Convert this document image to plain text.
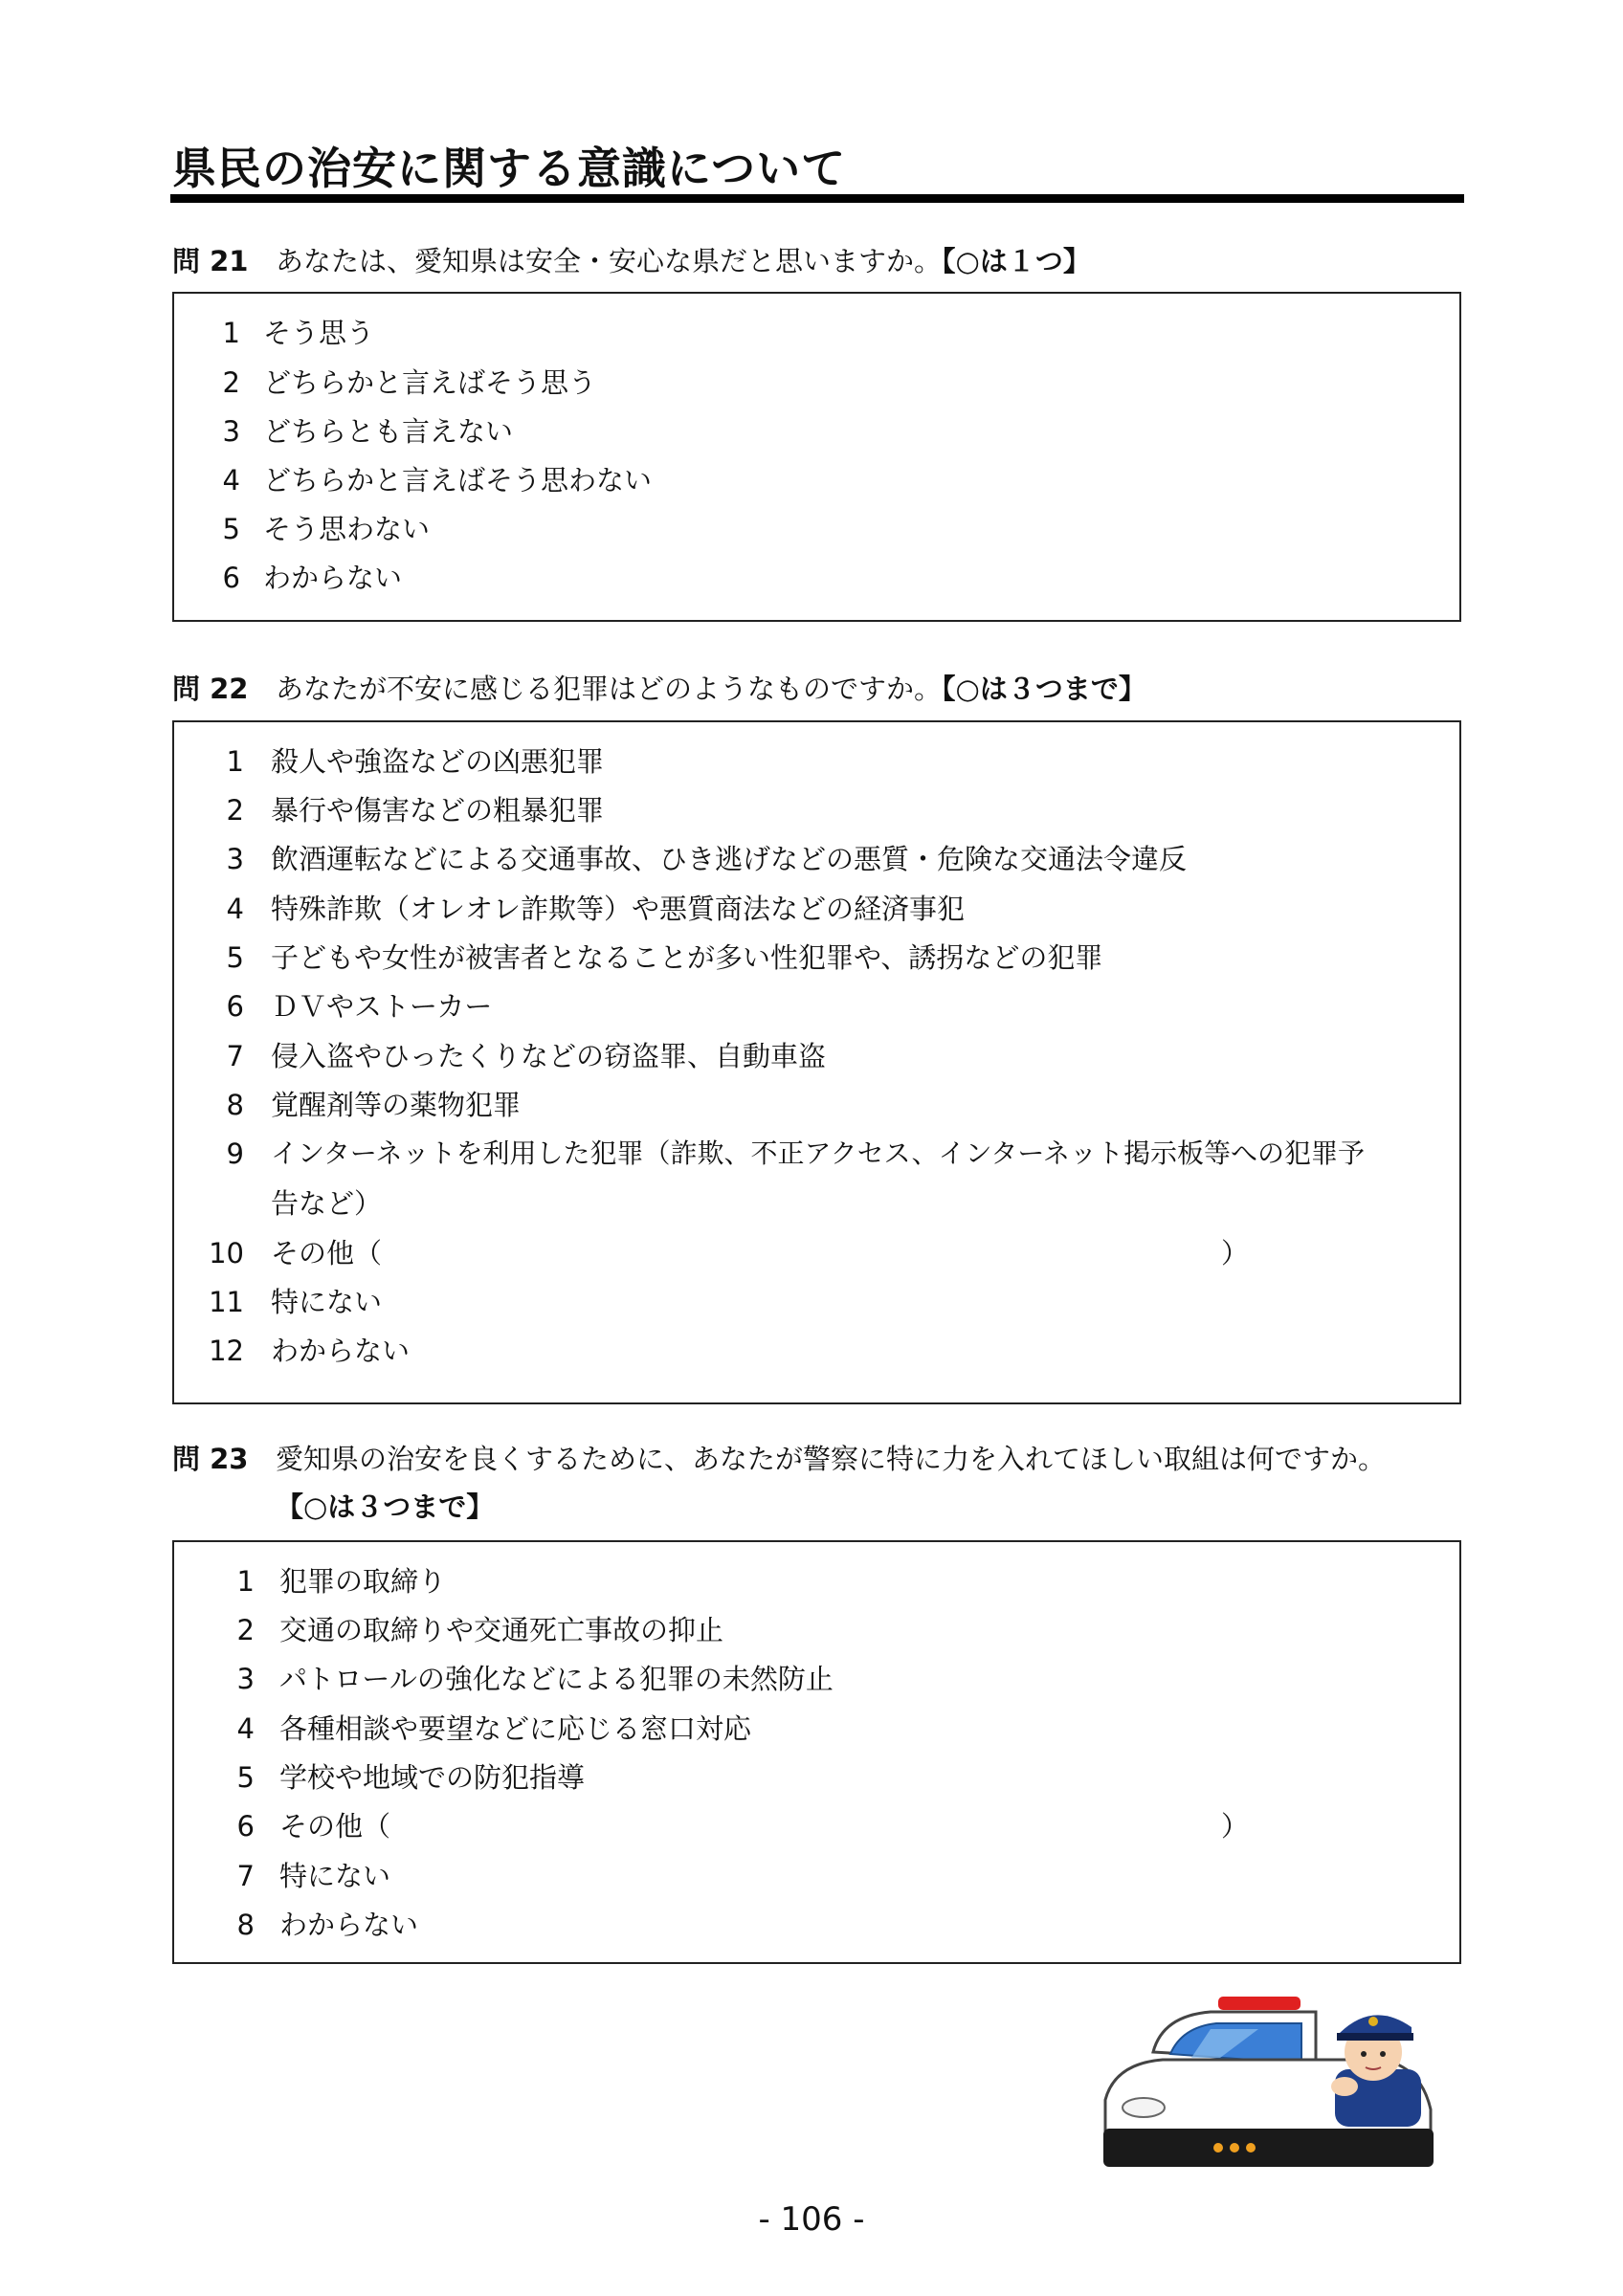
県民の治安に関する意識について
問 21 あなたは、愛知県は安全・安心な県だと思いますか。【○は１つ】
問 22 あなたが不安に感じる犯罪はどのようなものですか。【○は３つまで】
問 23 愛知県の治安を良くするために、あなたが警察に特に力を入れてほしい取組は何ですか。
【○は３つまで】
1 そう思う
2 どちらかと言えばそう思う
3 どちらとも言えない
4 どちらかと言えばそう思わない
5 そう思わない
6 わからない
1 殺人や強盗などの凶悪犯罪
2 暴行や傷害などの粗暴犯罪
3 飲酒運転などによる交通事故、ひき逃げなどの悪質・危険な交通法令違反
4 特殊詐欺（オレオレ詐欺等）や悪質商法などの経済事犯
5 子どもや女性が被害者となることが多い性犯罪や、誘拐などの犯罪
6 ＤＶやストーカー
7 侵入盗やひったくりなどの窃盗罪、自動車盗
8 覚醒剤等の薬物犯罪
9 インターネットを利用した犯罪（詐欺、不正アクセス、インターネット掲示板等への犯罪予
告など）
10 その他（	）
11 特にない
12 わからない
1 犯罪の取締り
2 交通の取締りや交通死亡事故の抑止
3 パトロールの強化などによる犯罪の未然防止
4 各種相談や要望などに応じる窓口対応
5 学校や地域での防犯指導
6 その他（	）
7 特にない
8 わからない
- 106 -
